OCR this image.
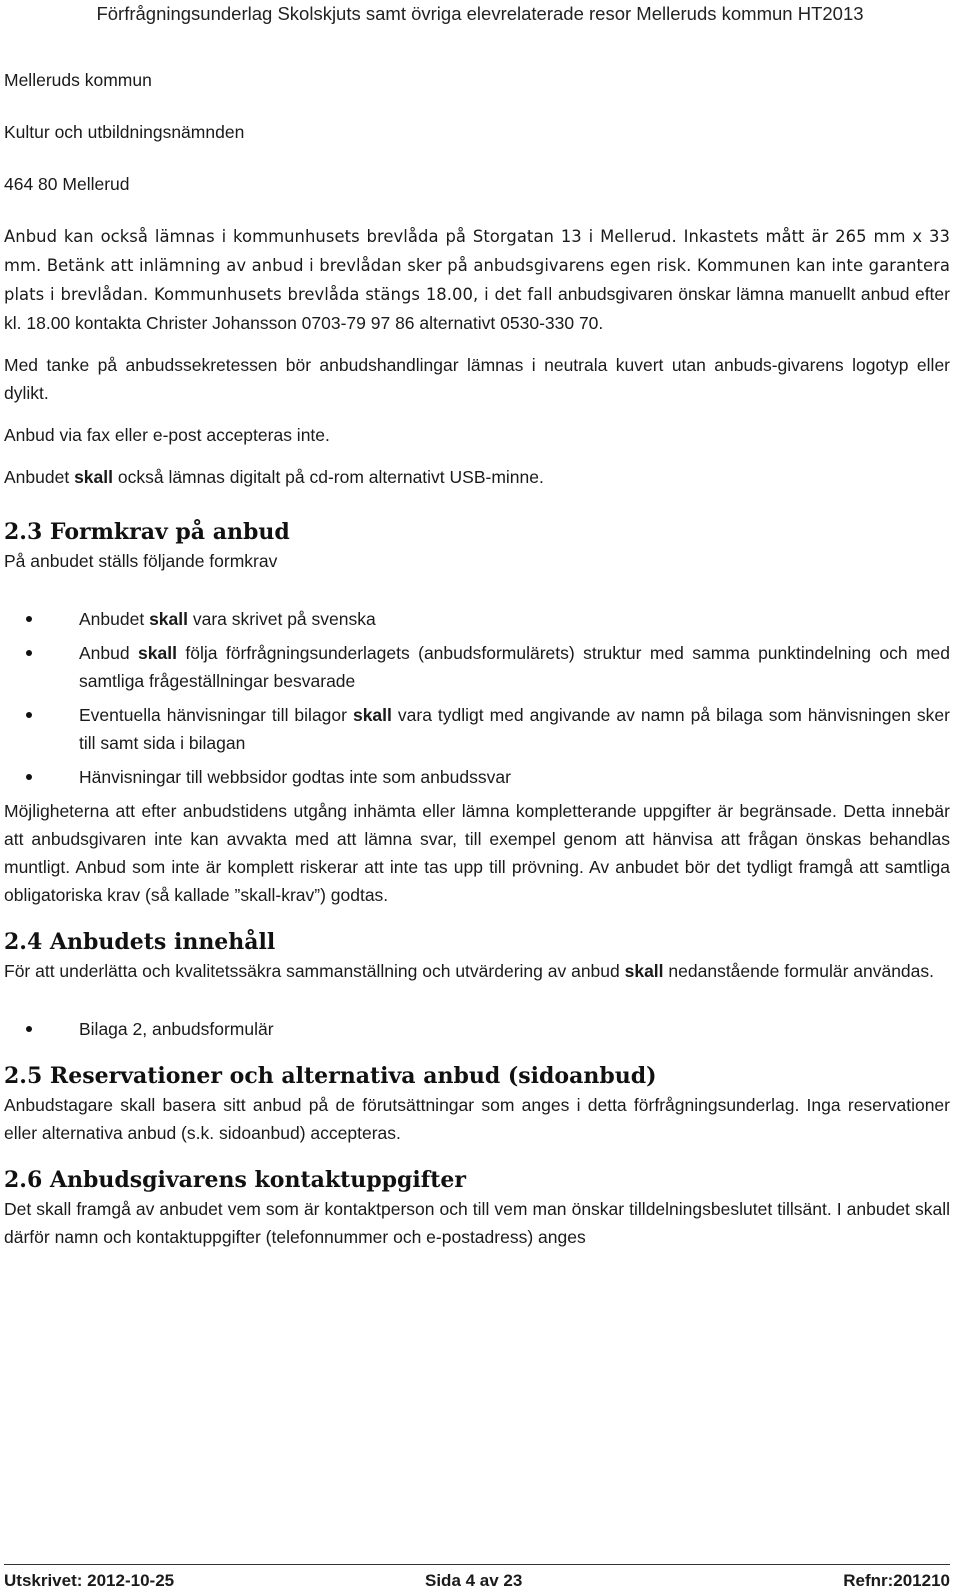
Förfrågningsunderlag Skolskjuts samt övriga elevrelaterade resor Melleruds kommun HT2013

Melleruds kommun

Kultur och utbildningsnämnden

464 80 Mellerud

Anbud kan också lämnas i kommunhusets brevlåda på Storgatan 13 i Mellerud. Inkastets mått är 265 mm x 33 mm. Betänk att inlämning av anbud i brevlådan sker på anbudsgivarens egen risk. Kommunen kan inte garantera plats i brevlådan. Kommunhusets brevlåda stängs 18.00, i det fall anbudsgivaren önskar lämna manuellt anbud efter kl. 18.00 kontakta Christer Johansson 0703-79 97 86 alternativt 0530-330 70.

Med tanke på anbudssekretessen bör anbudshandlingar lämnas i neutrala kuvert utan anbuds-givarens logotyp eller dylikt.

Anbud via fax eller e-post accepteras inte.

Anbudet skall också lämnas digitalt på cd-rom alternativt USB-minne.

2.3 Formkrav på anbud

På anbudet ställs följande formkrav

Anbudet skall vara skrivet på svenska
Anbud skall följa förfrågningsunderlagets (anbudsformulärets) struktur med samma punktindelning och med samtliga frågeställningar besvarade
Eventuella hänvisningar till bilagor skall vara tydligt med angivande av namn på bilaga som hänvisningen sker till samt sida i bilagan
Hänvisningar till webbsidor godtas inte som anbudssvar

Möjligheterna att efter anbudstidens utgång inhämta eller lämna kompletterande uppgifter är begränsade. Detta innebär att anbudsgivaren inte kan avvakta med att lämna svar, till exempel genom att hänvisa att frågan önskas behandlas muntligt. Anbud som inte är komplett riskerar att inte tas upp till prövning. Av anbudet bör det tydligt framgå att samtliga obligatoriska krav (så kallade ”skall-krav”) godtas.

2.4 Anbudets innehåll

För att underlätta och kvalitetssäkra sammanställning och utvärdering av anbud skall nedanstående formulär användas.

Bilaga 2, anbudsformulär
2.5 Reservationer och alternativa anbud (sidoanbud)

Anbudstagare skall basera sitt anbud på de förutsättningar som anges i detta förfrågningsunderlag. Inga reservationer eller alternativa anbud (s.k. sidoanbud) accepteras.

2.6 Anbudsgivarens kontaktuppgifter

Det skall framgå av anbudet vem som är kontaktperson och till vem man önskar tilldelningsbeslutet tillsänt. I anbudet skall därför namn och kontaktuppgifter (telefonnummer och e-postadress) anges

Utskrivet: 2012-10-25	Sida 4 av 23	Refnr:201210
